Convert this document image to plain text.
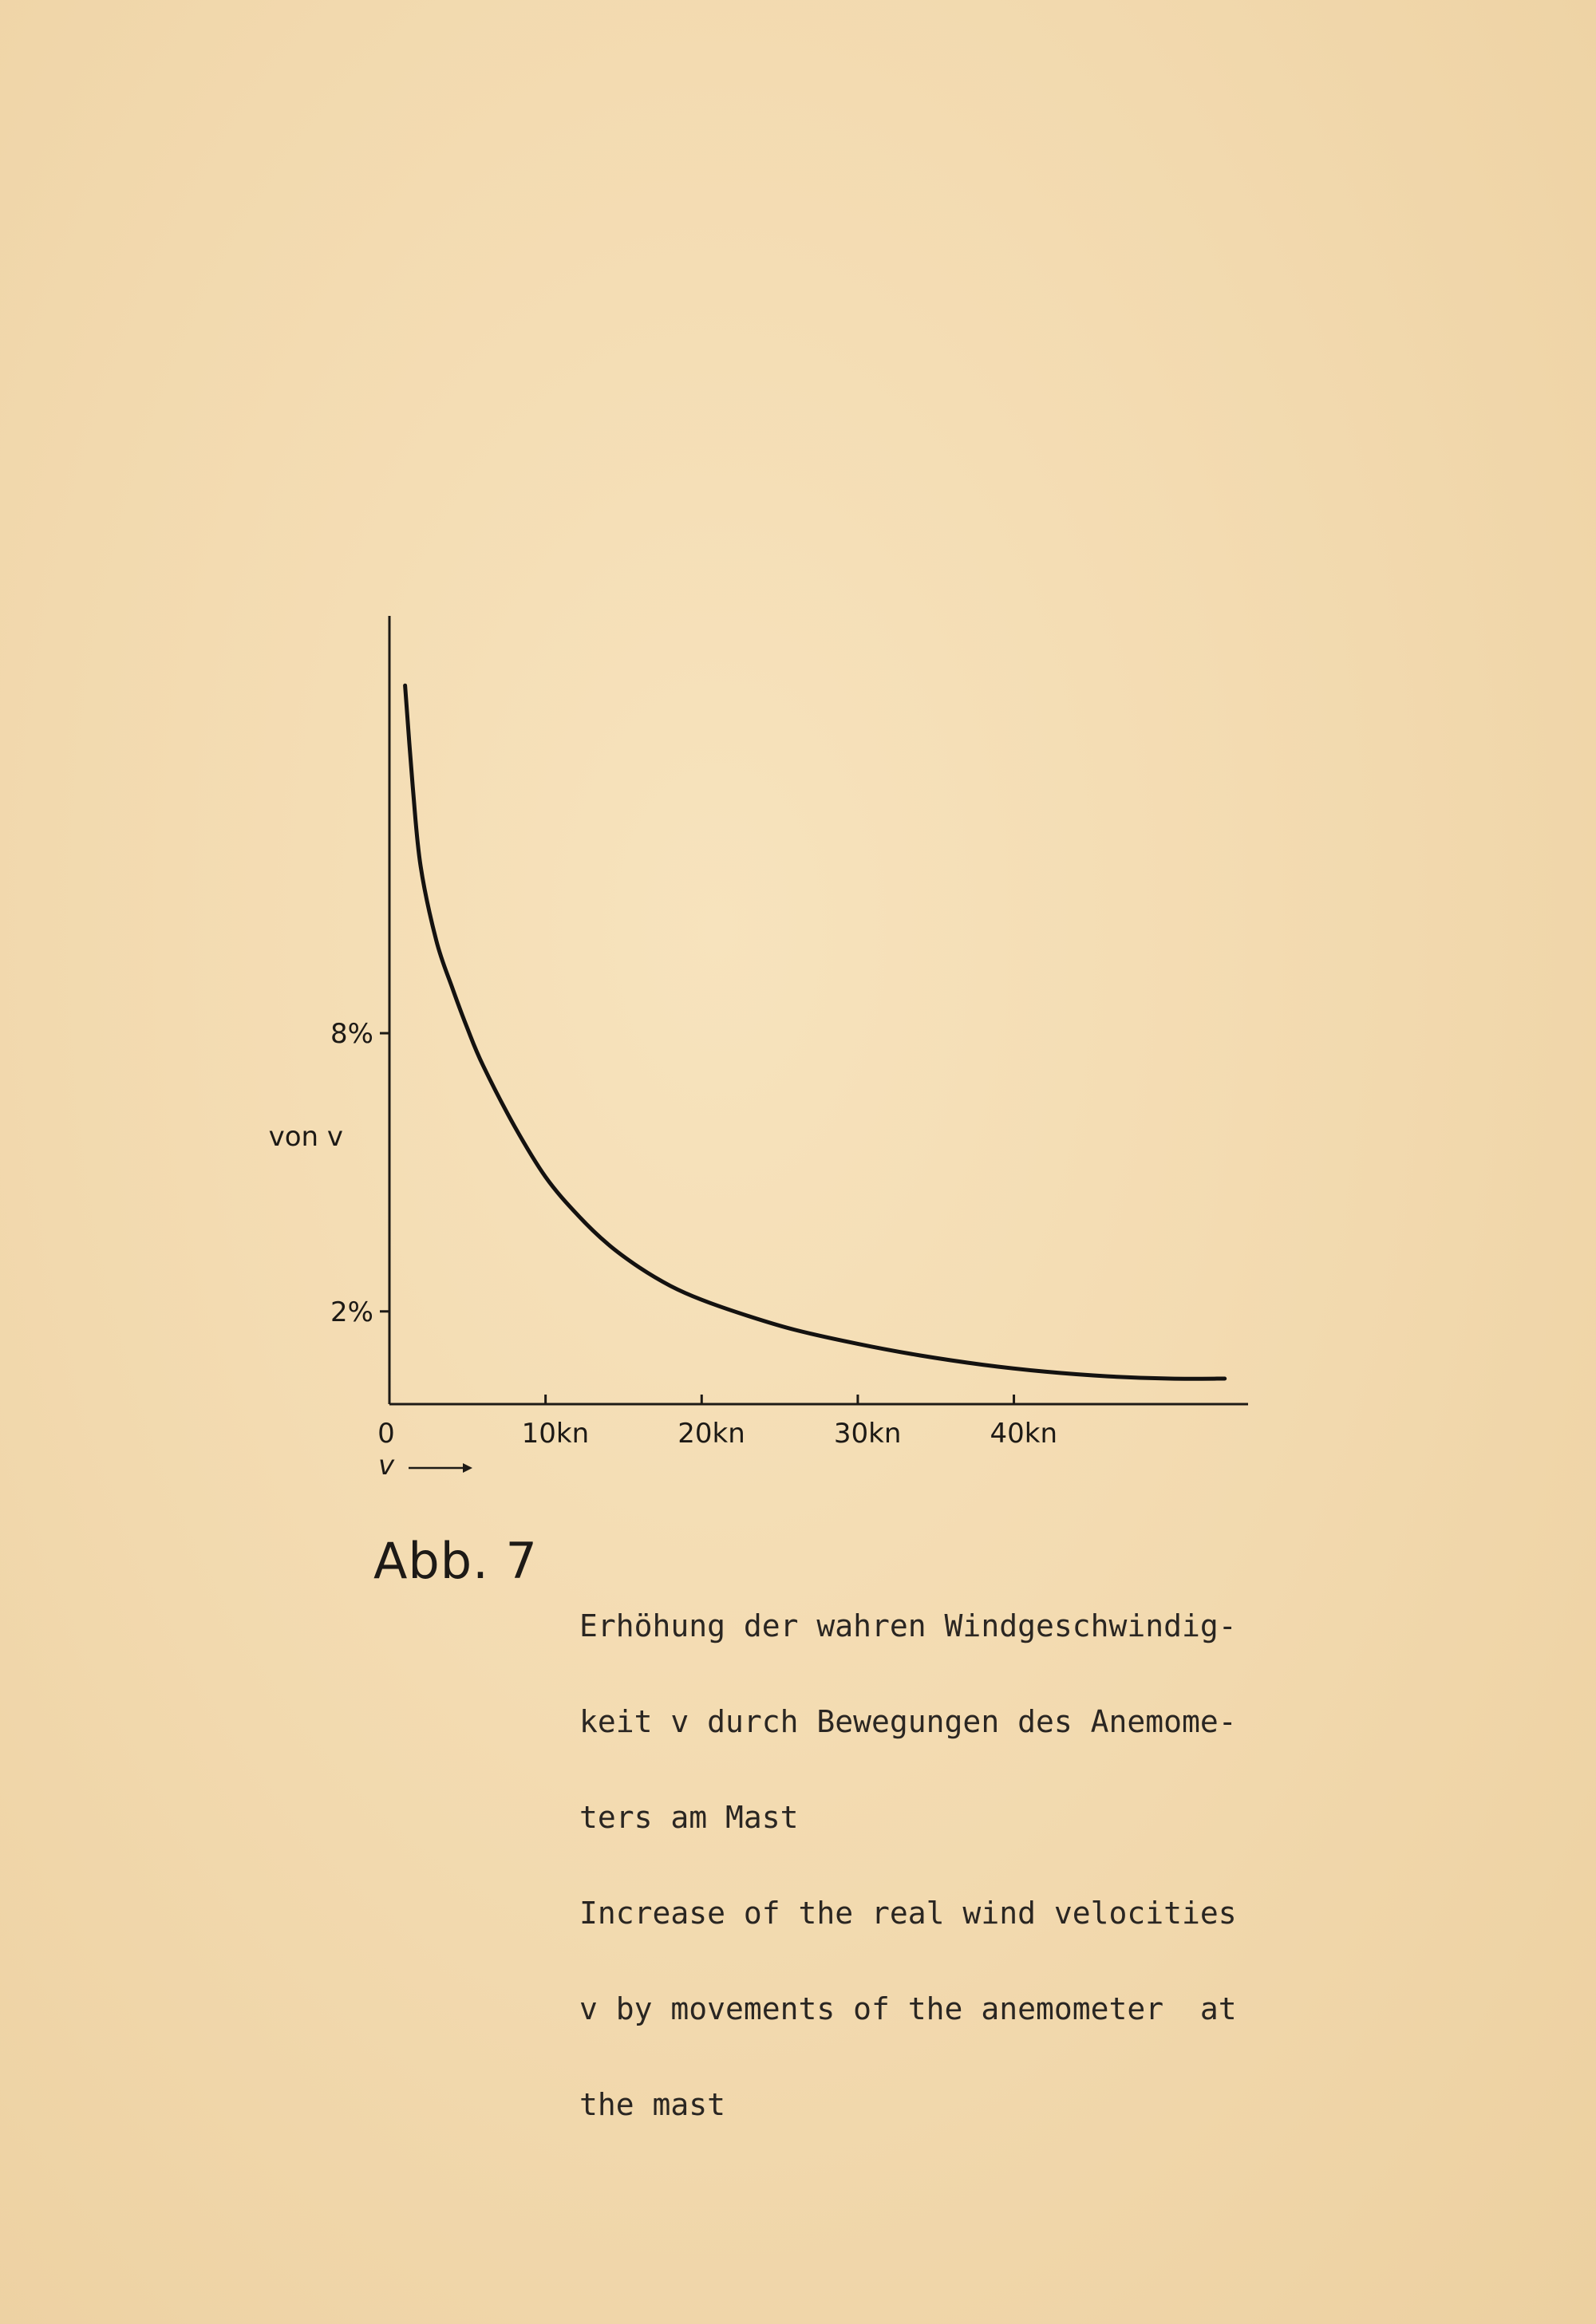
0	10kn	20kn	30kn	40kn
2%
8%
von v
v
Abb. 7

Erhöhung der wahren Windgeschwindig-

keit v durch Bewegungen des Anemome-

ters am Mast

Increase of the real wind velocities

v by movements of the anemometer  at

the mast
